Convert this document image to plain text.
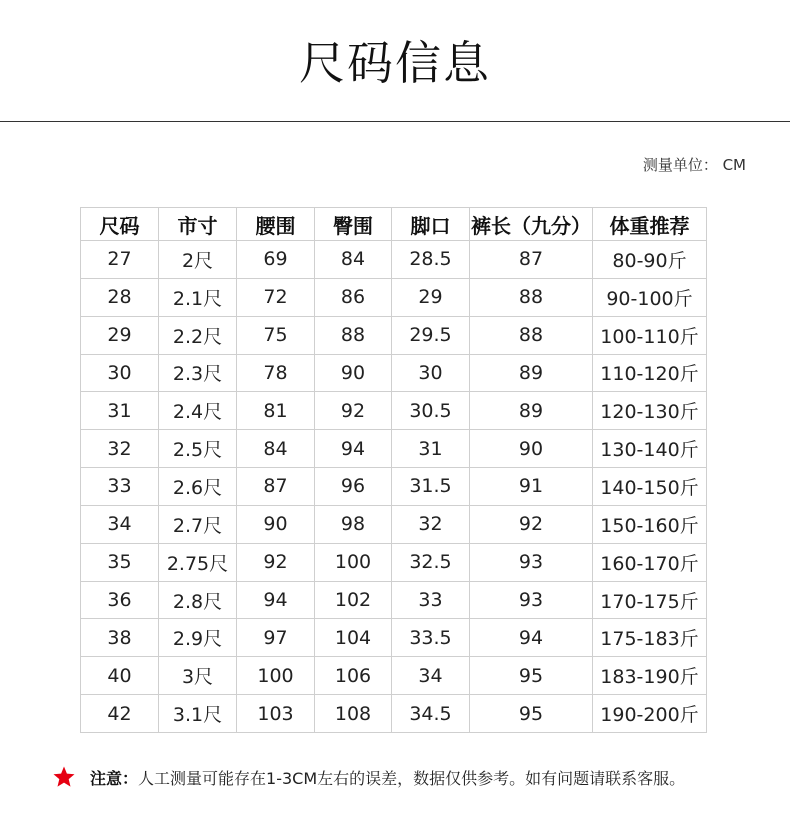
尺码信息
测量单位： CM
尺码	市寸	腰围	臀围	脚口	裤长（九分）	体重推荐
27	2尺	69	84	28.5	87	80-90斤
28	2.1尺	72	86	29	88	90-100斤
29	2.2尺	75	88	29.5	88	100-110斤
30	2.3尺	78	90	30	89	110-120斤
31	2.4尺	81	92	30.5	89	120-130斤
32	2.5尺	84	94	31	90	130-140斤
33	2.6尺	87	96	31.5	91	140-150斤
34	2.7尺	90	98	32	92	150-160斤
35	2.75尺	92	100	32.5	93	160-170斤
36	2.8尺	94	102	33	93	170-175斤
38	2.9尺	97	104	33.5	94	175-183斤
40	3尺	100	106	34	95	183-190斤
42	3.1尺	103	108	34.5	95	190-200斤
注意：人工测量可能存在1-3CM左右的误差，数据仅供参考。如有问题请联系客服。
